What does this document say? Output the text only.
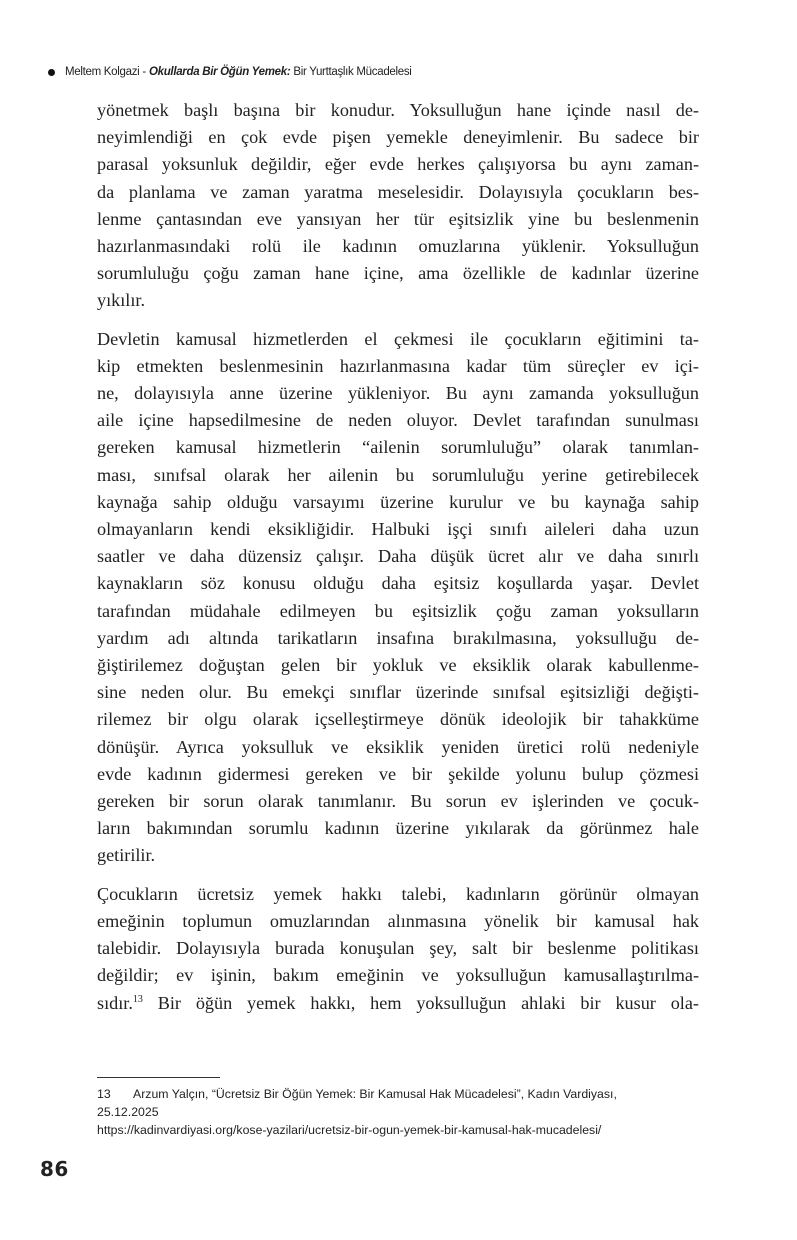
Meltem Kolgazi - Okullarda Bir Öğün Yemek: Bir Yurttaşlık Mücadelesi

yönetmek başlı başına bir konudur. Yoksulluğun hane içinde nasıl de-
neyimlendiği en çok evde pişen yemekle deneyimlenir. Bu sadece bir
parasal yoksunluk değildir, eğer evde herkes çalışıyorsa bu aynı zaman-
da planlama ve zaman yaratma meselesidir. Dolayısıyla çocukların bes-
lenme çantasından eve yansıyan her tür eşitsizlik yine bu beslenmenin
hazırlanmasındaki rolü ile kadının omuzlarına yüklenir. Yoksulluğun
sorumluluğu çoğu zaman hane içine, ama özellikle de kadınlar üzerine
yıkılır.

Devletin kamusal hizmetlerden el çekmesi ile çocukların eğitimini ta-
kip etmekten beslenmesinin hazırlanmasına kadar tüm süreçler ev içi-
ne, dolayısıyla anne üzerine yükleniyor. Bu aynı zamanda yoksulluğun
aile içine hapsedilmesine de neden oluyor. Devlet tarafından sunulması
gereken kamusal hizmetlerin “ailenin sorumluluğu” olarak tanımlan-
ması, sınıfsal olarak her ailenin bu sorumluluğu yerine getirebilecek
kaynağa sahip olduğu varsayımı üzerine kurulur ve bu kaynağa sahip
olmayanların kendi eksikliğidir. Halbuki işçi sınıfı aileleri daha uzun
saatler ve daha düzensiz çalışır. Daha düşük ücret alır ve daha sınırlı
kaynakların söz konusu olduğu daha eşitsiz koşullarda yaşar. Devlet
tarafından müdahale edilmeyen bu eşitsizlik çoğu zaman yoksulların
yardım adı altında tarikatların insafına bırakılmasına, yoksulluğu de-
ğiştirilemez doğuştan gelen bir yokluk ve eksiklik olarak kabullenme-
sine neden olur. Bu emekçi sınıflar üzerinde sınıfsal eşitsizliği değişti-
rilemez bir olgu olarak içselleştirmeye dönük ideolojik bir tahakküme
dönüşür. Ayrıca yoksulluk ve eksiklik yeniden üretici rolü nedeniyle
evde kadının gidermesi gereken ve bir şekilde yolunu bulup çözmesi
gereken bir sorun olarak tanımlanır. Bu sorun ev işlerinden ve çocuk-
ların bakımından sorumlu kadının üzerine yıkılarak da görünmez hale
getirilir.

Çocukların ücretsiz yemek hakkı talebi, kadınların görünür olmayan
emeğinin toplumun omuzlarından alınmasına yönelik bir kamusal hak
talebidir. Dolayısıyla burada konuşulan şey, salt bir beslenme politikası
değildir; ev işinin, bakım emeğinin ve yoksulluğun kamusallaştırılma-
sıdır.$^{13}$ Bir öğün yemek hakkı, hem yoksulluğun ahlaki bir kusur ola-

13 Arzum Yalçın, “Ücretsiz Bir Öğün Yemek: Bir Kamusal Hak Mücadelesi”, Kadın Vardiyası,
25.12.2025
https://kadinvardiyasi.org/kose-yazilari/ucretsiz-bir-ogun-yemek-bir-kamusal-hak-mucadelesi/
86
